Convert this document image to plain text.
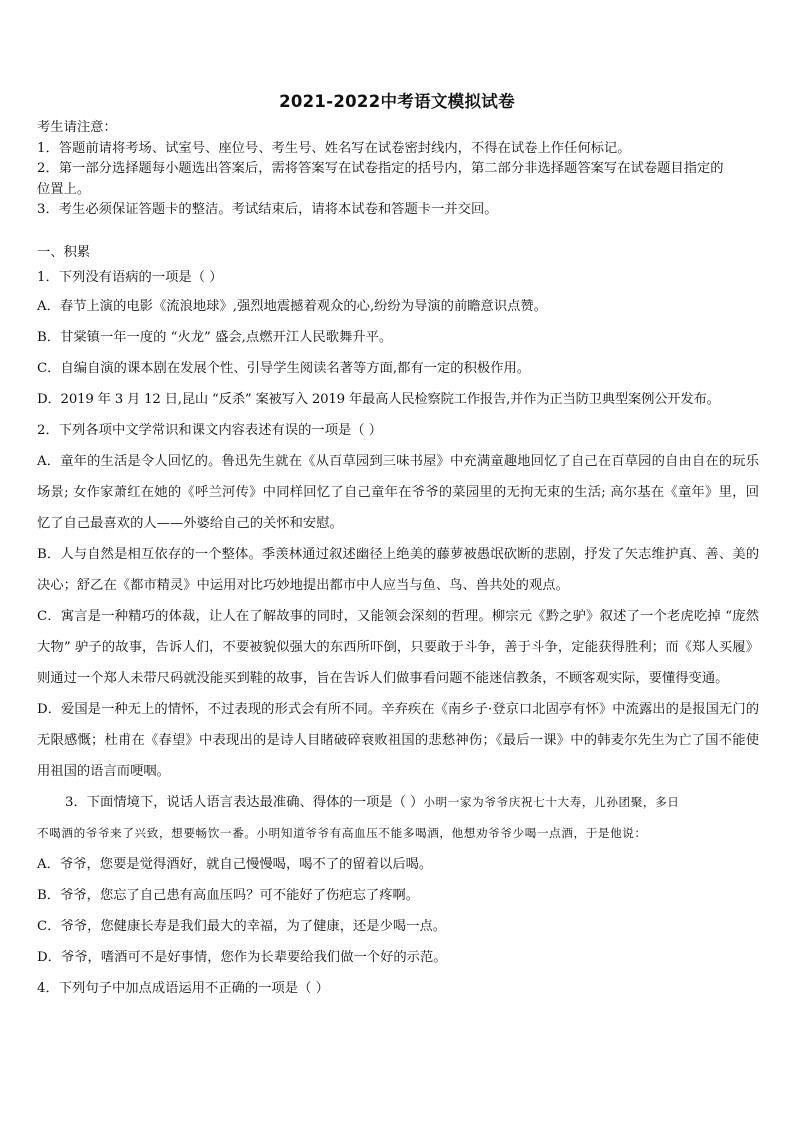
2021-2022中考语文模拟试卷
考生请注意：
1．答题前请将考场、试室号、座位号、考生号、姓名写在试卷密封线内，不得在试卷上作任何标记。
2．第一部分选择题每小题选出答案后，需将答案写在试卷指定的括号内，第二部分非选择题答案写在试卷题目指定的
位置上。
3．考生必须保证答题卡的整洁。考试结束后，请将本试卷和答题卡一并交回。
一、积累
1．下列没有语病的一项是（ ）
A．春节上演的电影《流浪地球》,强烈地震撼着观众的心,纷纷为导演的前瞻意识点赞。
B．甘棠镇一年一度的 “火龙” 盛会,点燃开江人民歌舞升平。
C．自编自演的课本剧在发展个性、引导学生阅读名著等方面,都有一定的积极作用。
D．2019 年 3 月 12 日,昆山 “反杀” 案被写入 2019 年最高人民检察院工作报告,并作为正当防卫典型案例公开发布。
2．下列各项中文学常识和课文内容表述有误的一项是（ ）
A．童年的生活是令人回忆的。鲁迅先生就在《从百草园到三味书屋》中充满童趣地回忆了自己在百草园的自由自在的玩乐场景; 女作家萧红在她的《呼兰河传》中同样回忆了自己童年在爷爷的菜园里的无拘无束的生活; 高尔基在《童年》里，回忆了自己最喜欢的人——外婆给自己的关怀和安慰。
B．人与自然是相互依存的一个整体。季羡林通过叙述幽径上绝美的藤萝被愚氓砍断的悲剧，抒发了矢志维护真、善、美的决心；舒乙在《都市精灵》中运用对比巧妙地提出都市中人应当与鱼、鸟、兽共处的观点。
C．寓言是一种精巧的体裁，让人在了解故事的同时，又能领会深刻的哲理。柳宗元《黔之驴》叙述了一个老虎吃掉 “庞然大物” 驴子的故事，告诉人们，不要被貌似强大的东西所吓倒，只要敢于斗争，善于斗争，定能获得胜利；而《郑人买履》则通过一个郑人未带尺码就没能买到鞋的故事，旨在告诉人们做事看问题不能迷信教条，不顾客观实际，要懂得变通。
D．爱国是一种无上的情怀，不过表现的形式会有所不同。辛弃疾在《南乡子·登京口北固亭有怀》中流露出的是报国无门的无限感慨；杜甫在《春望》中表现出的是诗人目睹破碎衰败祖国的悲愁神伤；《最后一课》中的韩麦尔先生为亡了国不能使用祖国的语言而哽咽。
3．下面情境下，说话人语言表达最准确、得体的一项是（ ）小明一家为爷爷庆祝七十大寿，儿孙团聚，多日
不喝酒的爷爷来了兴致，想要畅饮一番。小明知道爷爷有高血压不能多喝酒，他想劝爷爷少喝一点酒，于是他说：
A．爷爷，您要是觉得酒好，就自己慢慢喝，喝不了的留着以后喝。
B．爷爷，您忘了自己患有高血压吗？可不能好了伤疤忘了疼啊。
C．爷爷，您健康长寿是我们最大的幸福，为了健康，还是少喝一点。
D．爷爷，嗜酒可不是好事情，您作为长辈要给我们做一个好的示范。
4．下列句子中加点成语运用不正确的一项是（ ）
